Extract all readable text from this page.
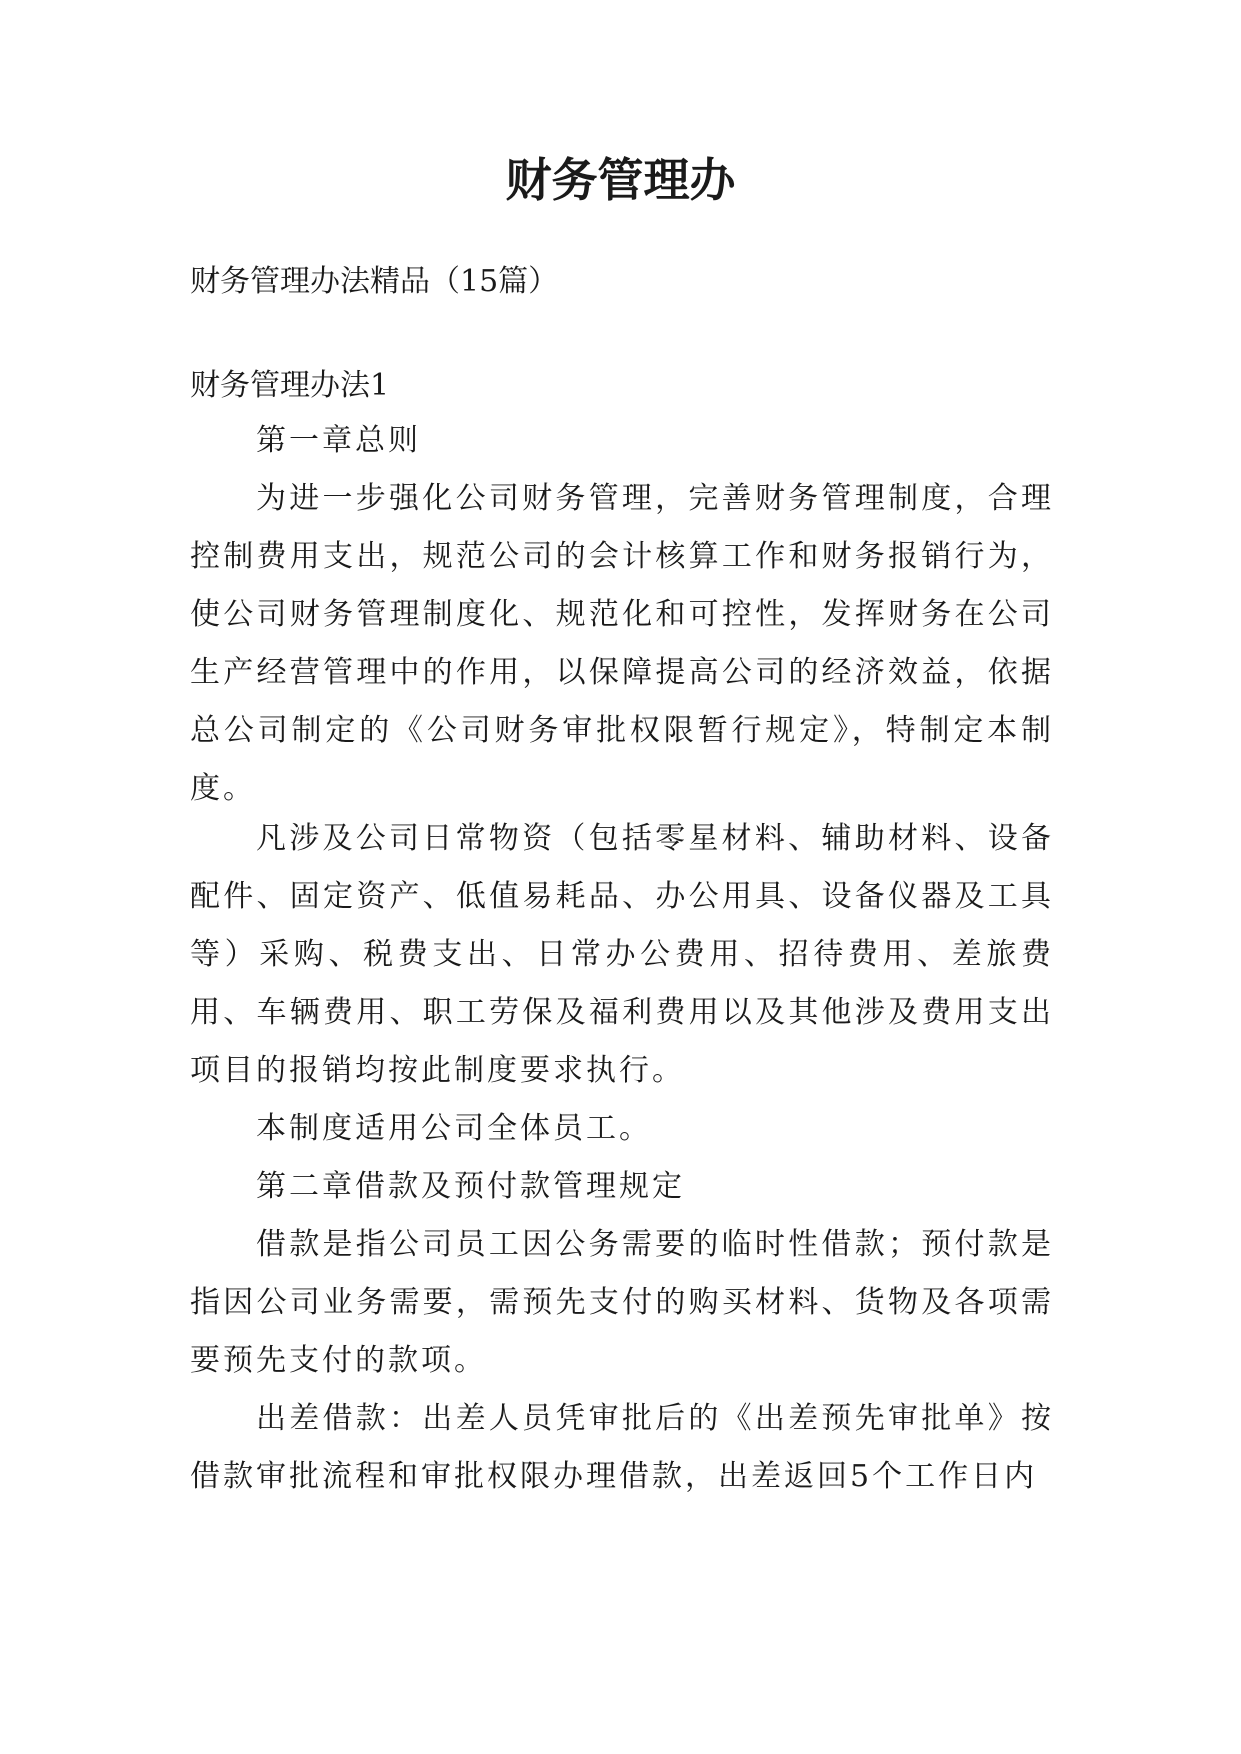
财务管理办

财务管理办法精品（15篇）

财务管理办法1

第一章总则

为进一步强化公司财务管理，完善财务管理制度，合理控制费用支出，规范公司的会计核算工作和财务报销行为，使公司财务管理制度化、规范化和可控性，发挥财务在公司生产经营管理中的作用，以保障提高公司的经济效益，依据总公司制定的《公司财务审批权限暂行规定》，特制定本制度。

凡涉及公司日常物资（包括零星材料、辅助材料、设备配件、固定资产、低值易耗品、办公用具、设备仪器及工具等）采购、税费支出、日常办公费用、招待费用、差旅费用、车辆费用、职工劳保及福利费用以及其他涉及费用支出项目的报销均按此制度要求执行。

本制度适用公司全体员工。

第二章借款及预付款管理规定

借款是指公司员工因公务需要的临时性借款；预付款是指因公司业务需要，需预先支付的购买材料、货物及各项需要预先支付的款项。

出差借款：出差人员凭审批后的《出差预先审批单》按借款审批流程和审批权限办理借款，出差返回5个工作日内
